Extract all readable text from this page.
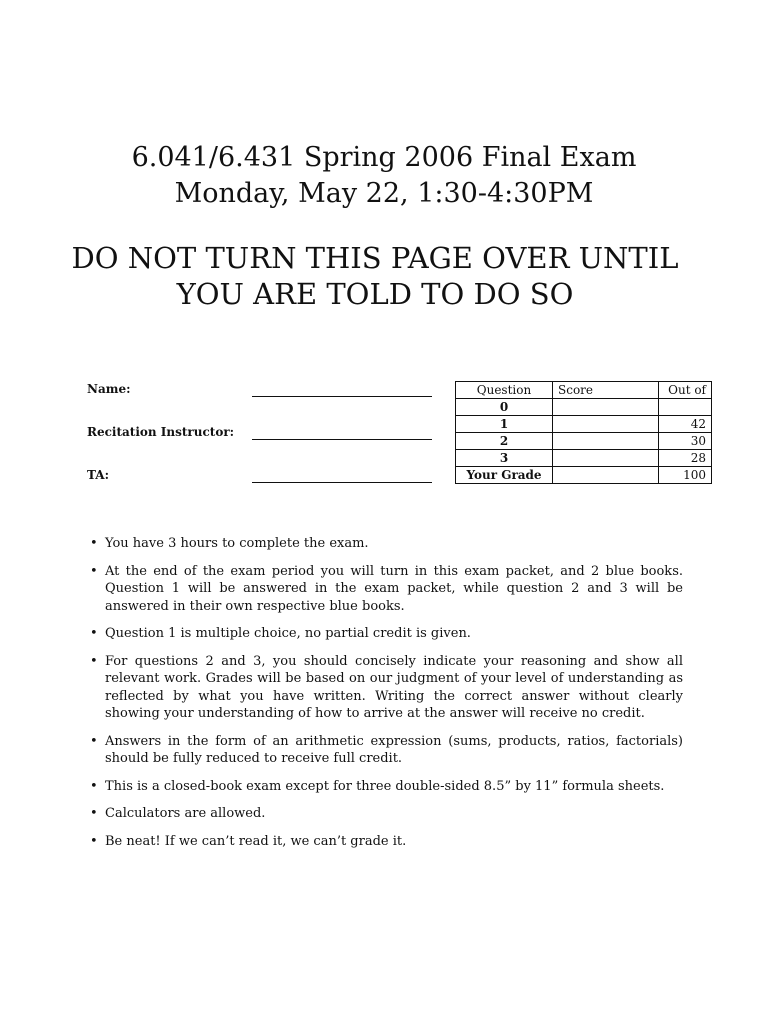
6.041/6.431 Spring 2006 Final Exam
Monday, May 22, 1:30-4:30PM
DO NOT TURN THIS PAGE OVER UNTIL
YOU ARE TOLD TO DO SO
Name:
Recitation Instructor:
TA:
Question	Score	Out of
0		
1		42
2		30
3		28
Your Grade		100
• You have 3 hours to complete the exam.
• At the end of the exam period you will turn in this exam packet, and 2 blue books. Question 1 will be answered in the exam packet, while question 2 and 3 will be answered in their own respective blue books.
• Question 1 is multiple choice, no partial credit is given.
• For questions 2 and 3, you should concisely indicate your reasoning and show all relevant work. Grades will be based on our judgment of your level of understanding as reflected by what you have written. Writing the correct answer without clearly showing your understanding of how to arrive at the answer will receive no credit.
• Answers in the form of an arithmetic expression (sums, products, ratios, factorials) should be fully reduced to receive full credit.
• This is a closed-book exam except for three double-sided 8.5” by 11” formula sheets.
• Calculators are allowed.
• Be neat! If we can’t read it, we can’t grade it.
